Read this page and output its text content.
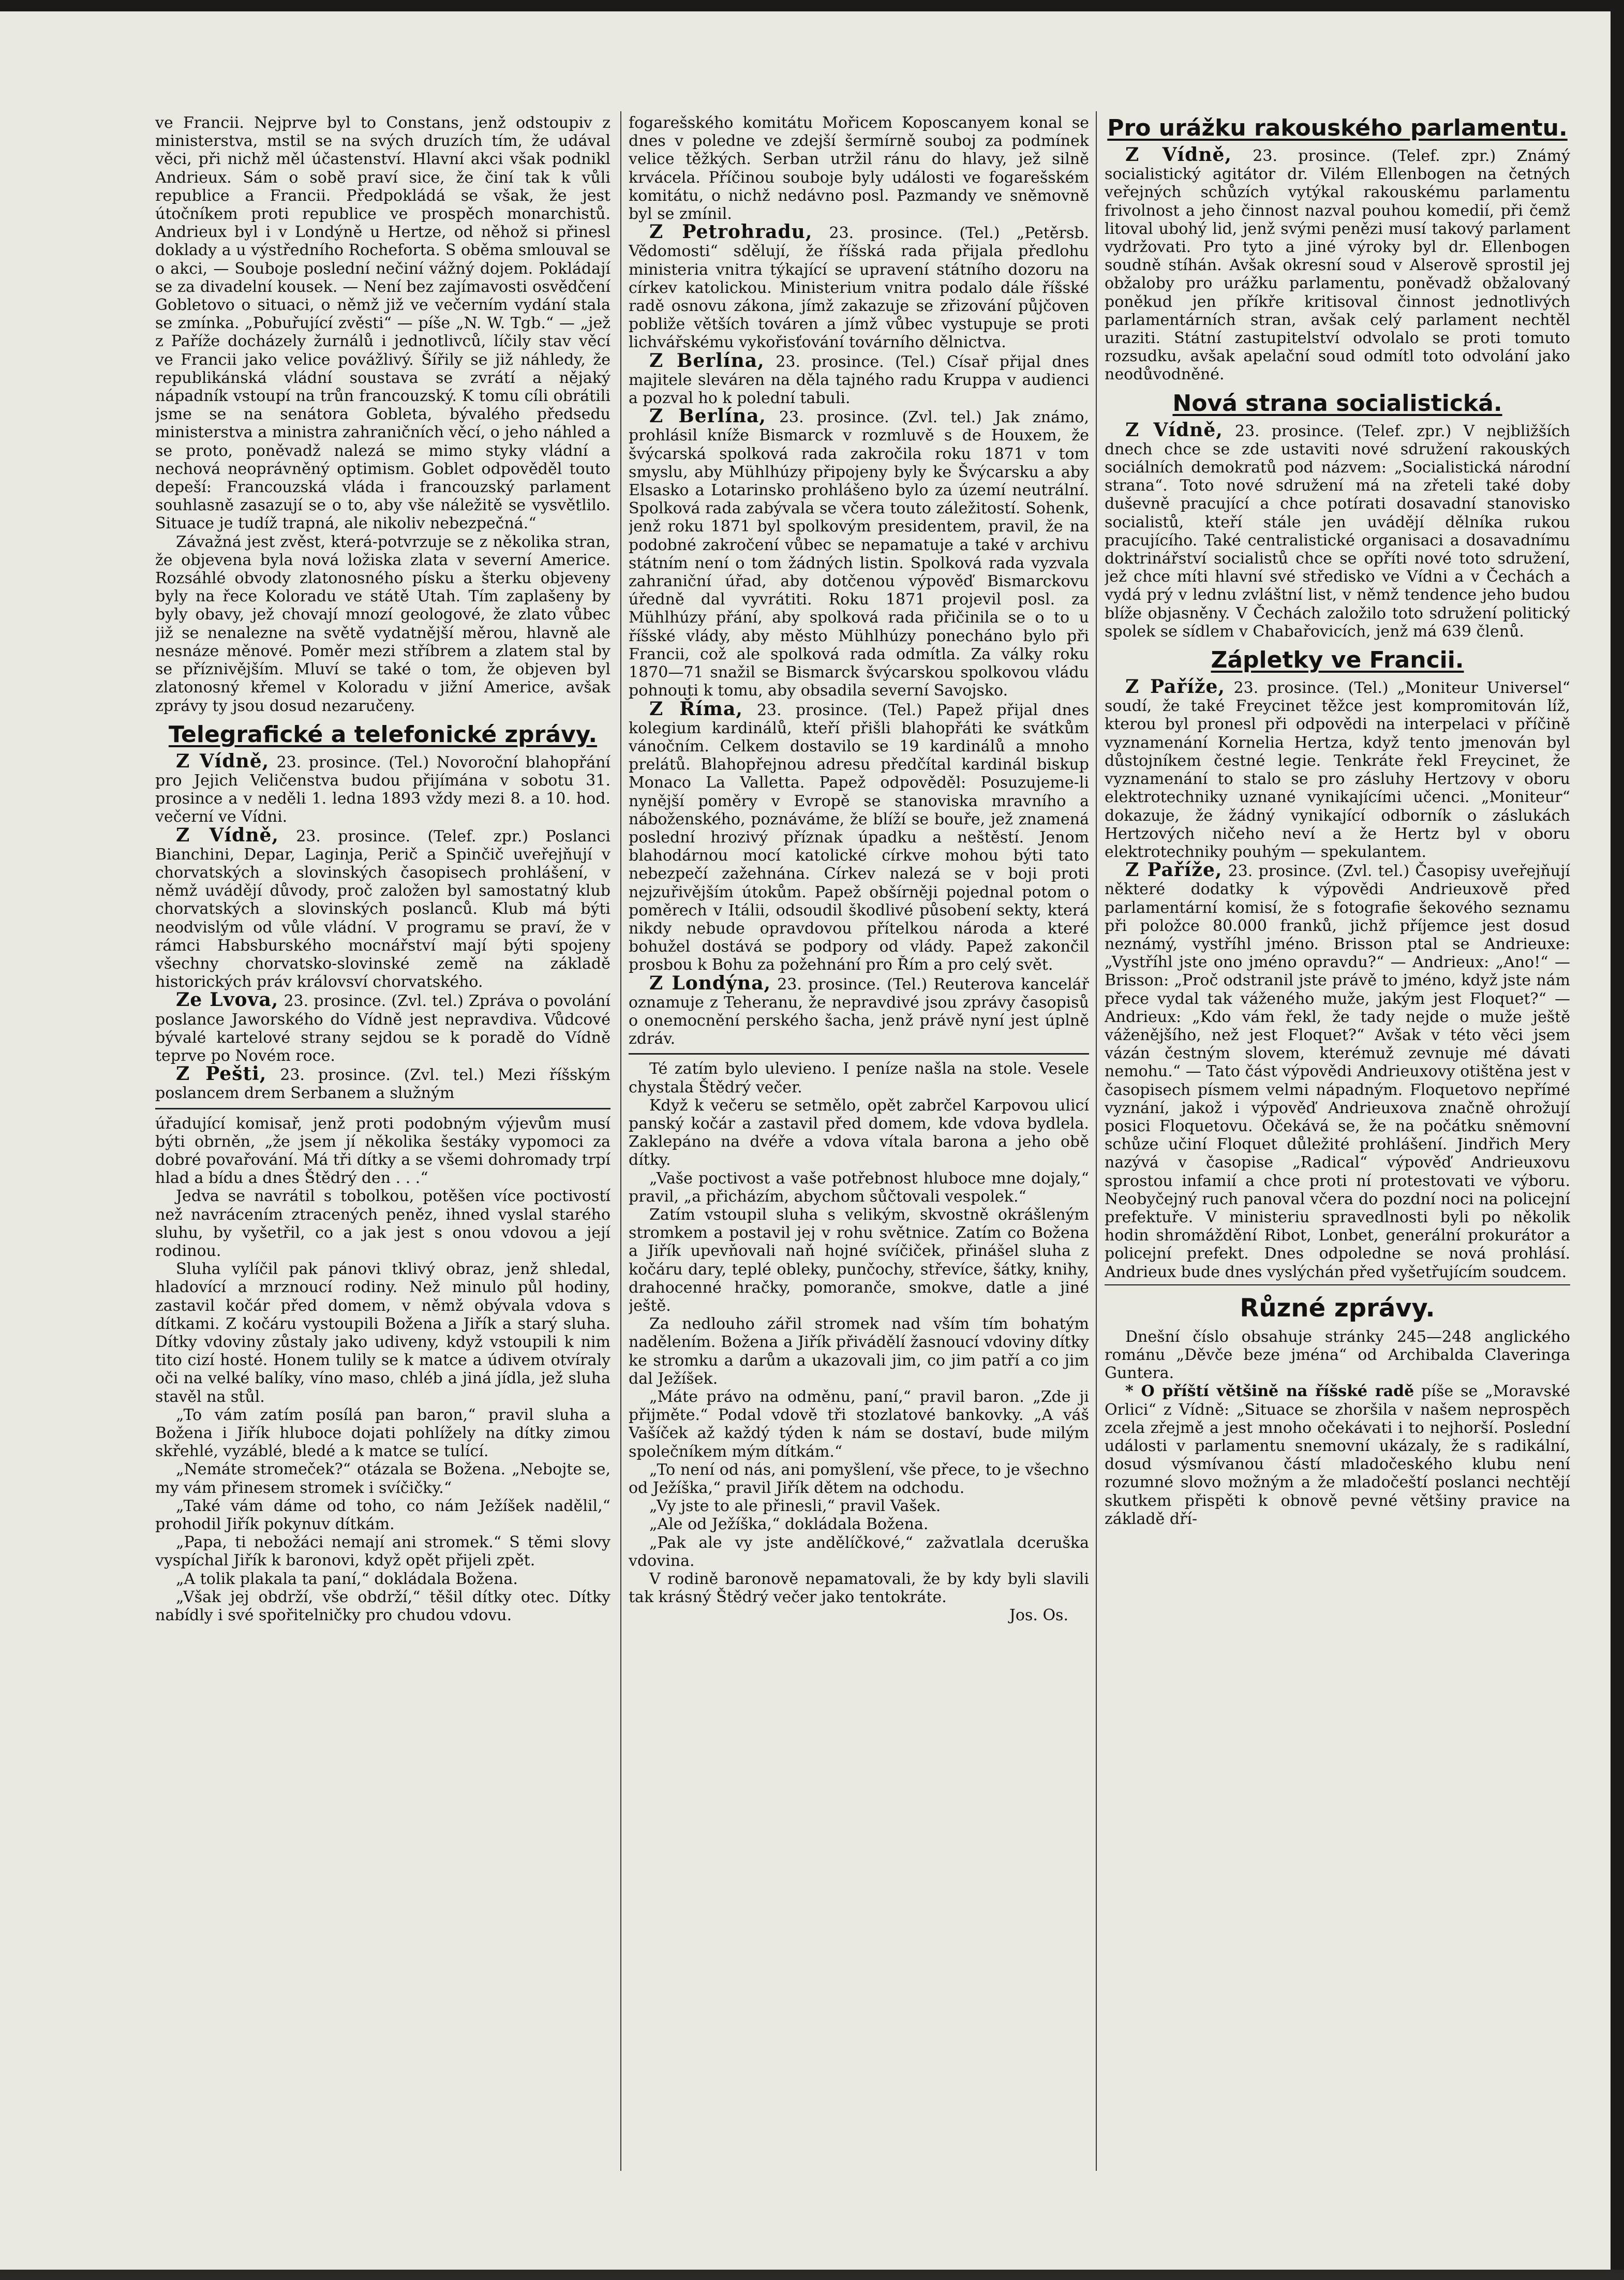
ve Francii. Nejprve byl to Constans, jenž odstoupiv z ministerstva, mstil se na svých druzích tím, že udával věci, při nichž měl účastenství. Hlavní akci však podnikl Andrieux. Sám o sobě praví sice, že činí tak k vůli republice a Francii. Předpokládá se však, že jest útočníkem proti republice ve prospěch monarchistů. Andrieux byl i v Londýně u Hertze, od něhož si přinesl doklady a u výstředního Rocheforta. S oběma smlouval se o akci, — Souboje poslední nečiní vážný dojem. Pokládají se za divadelní kousek. — Není bez zajímavosti osvědčení Gobletovo o situaci, o němž již ve večerním vydání stala se zmínka. „Pobuřující zvěsti“ — píše „N. W. Tgb.“ — „jež z Paříže docházely žurnálů i jednotlivců, líčily stav věcí ve Francii jako velice povážlivý. Šířily se již náhledy, že republikánská vládní soustava se zvrátí a nějaký nápadník vstoupí na trůn francouzský. K tomu cíli obrátili jsme se na senátora Gobleta, bývalého předsedu ministerstva a ministra zahraničních věcí, o jeho náhled a se proto, poněvadž nalezá se mimo styky vládní a nechová neoprávněný optimism. Goblet odpověděl touto depeší: Francouzská vláda i francouzský parlament souhlasně zasazují se o to, aby vše náležitě se vysvětlilo. Situace je tudíž trapná, ale nikoliv nebezpečná.“

Závažná jest zvěst, která-potvrzuje se z několika stran, že objevena byla nová ložiska zlata v severní Americe. Rozsáhlé obvody zlatonosného písku a šterku objeveny byly na řece Koloradu ve státě Utah. Tím zaplašeny by byly obavy, jež chovají mnozí geologové, že zlato vůbec již se nenalezne na světě vydatnější měrou, hlavně ale nesnáze měnové. Poměr mezi stříbrem a zlatem stal by se příznivějším. Mluví se také o tom, že objeven byl zlatonosný křemel v Koloradu v jižní Americe, avšak zprávy ty jsou dosud nezaručeny.

Telegrafické a telefonické zprávy.

Z Vídně, 23. prosince. (Tel.) Novoroční blahopřání pro Jejich Veličenstva budou přijímána v sobotu 31. prosince a v neděli 1. ledna 1893 vždy mezi 8. a 10. hod. večerní ve Vídni.

Z Vídně, 23. prosince. (Telef. zpr.) Poslanci Bianchini, Depar, Laginja, Perič a Spinčič uveřejňují v chorvatských a slovinských časopisech prohlášení, v němž uvádějí důvody, proč založen byl samostatný klub chorvatských a slovinských poslanců. Klub má býti neodvislým od vůle vládní. V programu se praví, že v rámci Habsburského mocnářství mají býti spojeny všechny chorvatsko-slovinské země na základě historických práv královsví chorvatského.

Ze Lvova, 23. prosince. (Zvl. tel.) Zpráva o povolání poslance Jaworského do Vídně jest nepravdiva. Vůdcové bývalé kartelové strany sejdou se k poradě do Vídně teprve po Novém roce.

Z Pešti, 23. prosince. (Zvl. tel.) Mezi říšským poslancem drem Serbanem a služným

úřadující komisař, jenž proti podobným výjevům musí býti obrněn, „že jsem jí několika šestáky vypomoci za dobré povařování. Má tři dítky a se všemi dohromady trpí hlad a bídu a dnes Štědrý den . . .“

Jedva se navrátil s tobolkou, potěšen více poctivostí než navrácením ztracených peněz, ihned vyslal starého sluhu, by vyšetřil, co a jak jest s onou vdovou a její rodinou.

Sluha vylíčil pak pánovi tklivý obraz, jenž shledal, hladovící a mrznoucí rodiny. Než minulo půl hodiny, zastavil kočár před domem, v němž obývala vdova s dítkami. Z kočáru vystoupili Božena a Jiřík a starý sluha. Dítky vdoviny zůstaly jako udiveny, když vstoupili k nim tito cizí hosté. Honem tulily se k matce a údivem otvíraly oči na velké balíky, víno maso, chléb a jiná jídla, jež sluha stavěl na stůl.

„To vám zatím posílá pan baron,“ pravil sluha a Božena i Jiřík hluboce dojati pohlížely na dítky zimou skřehlé, vyzáblé, bledé a k matce se tulící.

„Nemáte stromeček?“ otázala se Božena. „Nebojte se, my vám přinesem stromek i svíčičky.“

„Také vám dáme od toho, co nám Ježíšek nadělil,“ prohodil Jiřík pokynuv dítkám.

„Papa, ti nebožáci nemají ani stromek.“ S těmi slovy vyspíchal Jiřík k baronovi, když opět přijeli zpět.

„A tolik plakala ta paní,“ dokládala Božena.

„Však jej obdrží, vše obdrží,“ těšil dítky otec. Dítky nabídly i své spořitelničky pro chudou vdovu.

fogarešského komitátu Mořicem Koposcanyem konal se dnes v poledne ve zdejší šermírně souboj za podmínek velice těžkých. Serban utržil ránu do hlavy, jež silně krvácela. Příčinou souboje byly události ve fogarešském komitátu, o nichž nedávno posl. Pazmandy ve sněmovně byl se zmínil.

Z Petrohradu, 23. prosince. (Tel.) „Petěrsb. Vědomosti“ sdělují, že říšská rada přijala předlohu ministeria vnitra týkající se upravení státního dozoru na církev katolickou. Ministerium vnitra podalo dále říšské radě osnovu zákona, jímž zakazuje se zřizování půjčoven pobliže větších továren a jímž vůbec vystupuje se proti lichvářskému vykořisťování továrního dělnictva.

Z Berlína, 23. prosince. (Tel.) Císař přijal dnes majitele sleváren na děla tajného radu Kruppa v audienci a pozval ho k polední tabuli.

Z Berlína, 23. prosince. (Zvl. tel.) Jak známo, prohlásil kníže Bismarck v rozmluvě s de Houxem, že švýcarská spolková rada zakročila roku 1871 v tom smyslu, aby Mühlhúzy připojeny byly ke Švýcarsku a aby Elsasko a Lotarinsko prohlášeno bylo za území neutrální. Spolková rada zabývala se včera touto záležitostí. Sohenk, jenž roku 1871 byl spolkovým presidentem, pravil, že na podobné zakročení vůbec se nepamatuje a také v archivu státním není o tom žádných listin. Spolková rada vyzvala zahraniční úřad, aby dotčenou výpověď Bismarckovu úředně dal vyvrátiti. Roku 1871 projevil posl. za Mühlhúzy přání, aby spolková rada přičinila se o to u říšské vlády, aby město Mühlhúzy ponecháno bylo při Francii, což ale spolková rada odmítla. Za války roku 1870—71 snažil se Bismarck švýcarskou spolkovou vládu pohnouti k tomu, aby obsadila severní Savojsko.

Z Říma, 23. prosince. (Tel.) Papež přijal dnes kolegium kardinálů, kteří přišli blahopřáti ke svátkům vánočním. Celkem dostavilo se 19 kardinálů a mnoho prelátů. Blahopřejnou adresu předčítal kardinál biskup Monaco La Valletta. Papež odpověděl: Posuzujeme-li nynější poměry v Evropě se stanoviska mravního a náboženského, poznáváme, že blíží se bouře, jež znamená poslední hrozivý příznak úpadku a neštěstí. Jenom blahodárnou mocí katolické církve mohou býti tato nebezpečí zažehnána. Církev nalezá se v boji proti nejzuřivějším útokům. Papež obšírněji pojednal potom o poměrech v Itálii, odsoudil škodlivé působení sekty, která nikdy nebude opravdovou přítelkou národa a které bohužel dostává se podpory od vlády. Papež zakončil prosbou k Bohu za požehnání pro Řím a pro celý svět.

Z Londýna, 23. prosince. (Tel.) Reuterova kancelář oznamuje z Teheranu, že nepravdivé jsou zprávy časopisů o onemocnění perského šacha, jenž právě nyní jest úplně zdráv.

Té zatím bylo ulevieno. I peníze našla na stole. Vesele chystala Štědrý večer.

Když k večeru se setmělo, opět zabrčel Karpovou ulicí panský kočár a zastavil před domem, kde vdova bydlela. Zaklepáno na dvéře a vdova vítala barona a jeho obě dítky.

„Vaše poctivost a vaše potřebnost hluboce mne dojaly,“ pravil, „a přicházím, abychom sůčtovali vespolek.“

Zatím vstoupil sluha s velikým, skvostně okrášleným stromkem a postavil jej v rohu světnice. Zatím co Božena a Jiřík upevňovali naň hojné svíčiček, přinášel sluha z kočáru dary, teplé obleky, punčochy, střevíce, šátky, knihy, drahocenné hračky, pomoranče, smokve, datle a jiné ještě.

Za nedlouho zářil stromek nad vším tím bohatým nadělením. Božena a Jiřík přivádělí žasnoucí vdoviny dítky ke stromku a darům a ukazovali jim, co jim patří a co jim dal Ježíšek.

„Máte právo na odměnu, paní,“ pravil baron. „Zde ji přijměte.“ Podal vdově tři stozlatové bankovky. „A váš Vašíček až každý týden k nám se dostaví, bude milým společníkem mým dítkám.“

„To není od nás, ani pomyšlení, vše přece, to je všechno od Ježíška,“ pravil Jiřík dětem na odchodu.

„Vy jste to ale přinesli,“ pravil Vašek.

„Ale od Ježíška,“ dokládala Božena.

„Pak ale vy jste andělíčkové,“ zažvatlala dceruška vdovina.

V rodině baronově nepamatovali, že by kdy byli slavili tak krásný Štědrý večer jako tentokráte.

Jos. Os.

Pro urážku rakouského parlamentu.

Z Vídně, 23. prosince. (Telef. zpr.) Známý socialistický agitátor dr. Vilém Ellenbogen na četných veřejných schůzích vytýkal rakouskému parlamentu frivolnost a jeho činnost nazval pouhou komedií, při čemž litoval ubohý lid, jenž svými penězi musí takový parlament vydržovati. Pro tyto a jiné výroky byl dr. Ellenbogen soudně stíhán. Avšak okresní soud v Alserově sprostil jej obžaloby pro urážku parlamentu, poněvadž obžalovaný poněkud jen příkře kritisoval činnost jednotlivých parlamentárních stran, avšak celý parlament nechtěl uraziti. Státní zastupitelství odvolalo se proti tomuto rozsudku, avšak apelační soud odmítl toto odvolání jako neodůvodněné.

Nová strana socialistická.

Z Vídně, 23. prosince. (Telef. zpr.) V nejbližších dnech chce se zde ustaviti nové sdružení rakouských sociálních demokratů pod názvem: „Socialistická národní strana“. Toto nové sdružení má na zřeteli také doby duševně pracující a chce potírati dosavadní stanovisko socialistů, kteří stále jen uvádějí dělníka rukou pracujícího. Také centralistické organisaci a dosavadnímu doktrinářství socialistů chce se opříti nové toto sdružení, jež chce míti hlavní své středisko ve Vídni a v Čechách a vydá prý v lednu zvláštní list, v němž tendence jeho budou blíže objasněny. V Čechách založilo toto sdružení politický spolek se sídlem v Chabařovicích, jenž má 639 členů.

Zápletky ve Francii.

Z Paříže, 23. prosince. (Tel.) „Moniteur Universel“ soudí, že také Freycinet těžce jest kompromitován líž, kterou byl pronesl při odpovědi na interpelaci v příčině vyznamenání Kornelia Hertza, když tento jmenován byl důstojníkem čestné legie. Tenkráte řekl Freycinet, že vyznamenání to stalo se pro zásluhy Hertzovy v oboru elektrotechniky uznané vynikajícími učenci. „Moniteur“ dokazuje, že žádný vynikající odborník o záslukách Hertzových ničeho neví a že Hertz byl v oboru elektrotechniky pouhým — spekulantem.

Z Paříže, 23. prosince. (Zvl. tel.) Časopisy uveřejňují některé dodatky k výpovědi Andrieuxově před parlamentární komisí, že s fotografie šekového seznamu při položce 80.000 franků, jichž příjemce jest dosud neznámý, vystříhl jméno. Brisson ptal se Andrieuxe: „Vystříhl jste ono jméno opravdu?“ — Andrieux: „Ano!“ — Brisson: „Proč odstranil jste právě to jméno, když jste nám přece vydal tak váženého muže, jakým jest Floquet?“ — Andrieux: „Kdo vám řekl, že tady nejde o muže ještě váženějšího, než jest Floquet?“ Avšak v této věci jsem vázán čestným slovem, kterémuž zevnuje mé dávati nemohu.“ — Tato část výpovědi Andrieuxovy otištěna jest v časopisech písmem velmi nápadným. Floquetovo nepřímé vyznání, jakož i výpověď Andrieuxova značně ohrožují posici Floquetovu. Očekává se, že na počátku sněmovní schůze učiní Floquet důležité prohlášení. Jindřich Mery nazývá v časopise „Radical“ výpověď Andrieuxovu sprostou infamií a chce proti ní protestovati ve výboru. Neobyčejný ruch panoval včera do pozdní noci na policejní prefektuře. V ministeriu spravedlnosti byli po několik hodin shromáždění Ribot, Lonbet, generální prokurátor a policejní prefekt. Dnes odpoledne se nová prohlásí. Andrieux bude dnes vyslýchán před vyšetřujícím soudcem.

Různé zprávy.

Dnešní číslo obsahuje stránky 245—248 anglického románu „Děvče beze jména“ od Archibalda Claveringa Guntera.

* O příští většině na říšské radě píše se „Moravské Orlici“ z Vídně: „Situace se zhoršila v našem neprospěch zcela zřejmě a jest mnoho očekávati i to nejhorší. Poslední události v parlamentu snemovní ukázaly, že s radikální, dosud výsmívanou částí mladočeského klubu není rozumné slovo možným a že mladočeští poslanci nechtějí skutkem přispěti k obnově pevné většiny pravice na základě dří-
